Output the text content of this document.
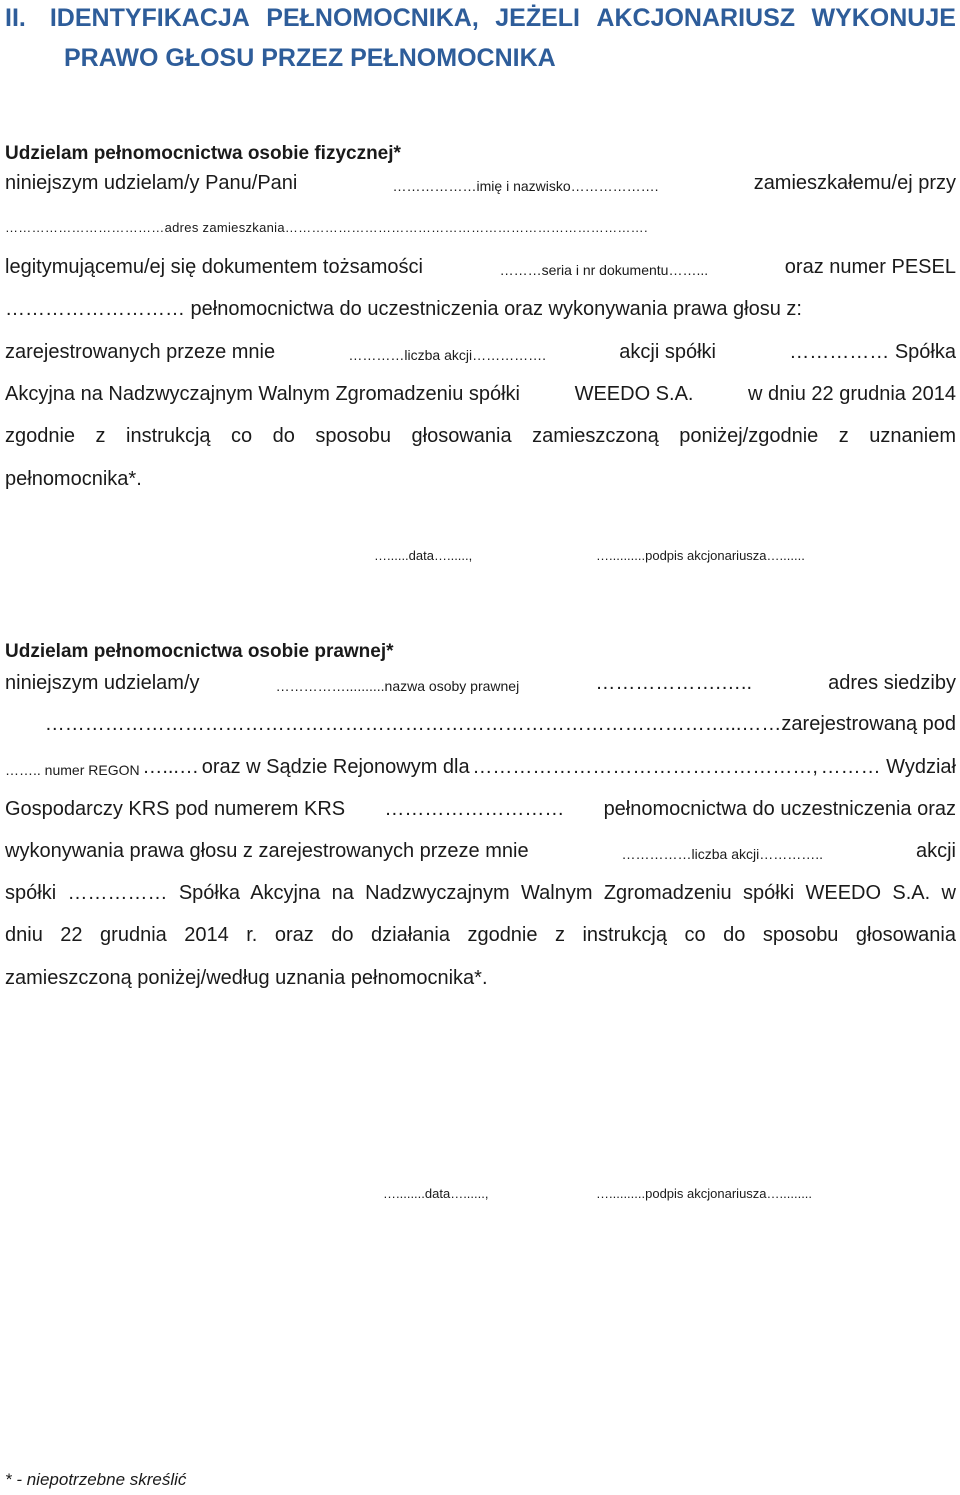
II. IDENTYFIKACJA PEŁNOMOCNIKA, JEŻELI AKCJONARIUSZ WYKONUJE
PRAWO GŁOSU PRZEZ PEŁNOMOCNIKA
Udzielam pełnomocnictwa osobie fizycznej*
niniejszym udzielam/y Panu/Pani	………………imię i nazwisko……………….	zamieszkałemu/ej przy
………………………………adres zamieszkania……………………………………………………………………….
legitymującemu/ej się dokumentem tożsamości	………seria i nr dokumentu……...	oraz numer PESEL
……………………… pełnomocnictwa do uczestniczenia oraz wykonywania prawa głosu z:
zarejestrowanych przeze mnie	…………liczba akcji…………….	akcji spółki	…………… Spółka
Akcyjna na Nadzwyczajnym Walnym Zgromadzeniu spółki	WEEDO S.A.	w dniu 22 grudnia 2014
zgodnie z instrukcją co do sposobu głosowania zamieszczoną poniżej/zgodnie z uznaniem
pełnomocnika*.
…......data…......,	…..........podpis akcjonariusza….......
Udzielam pełnomocnictwa osobie prawnej*
niniejszym udzielam/y	……………..........nazwa osoby prawnej	……………….…..	adres siedziby
…………………………………………………………………………………………...……zarejestrowaną pod
…….. numer REGON …...… oraz w Sądzie Rejonowym dla ……………………………………………, ……… Wydział
Gospodarczy KRS pod numerem KRS ……………………… pełnomocnictwa do uczestniczenia oraz
wykonywania prawa głosu z zarejestrowanych przeze mnie	……………liczba akcji…………..	akcji
spółki …………… Spółka Akcyjna na Nadzwyczajnym Walnym Zgromadzeniu spółki WEEDO S.A. w
dniu 22 grudnia 2014 r. oraz do działania zgodnie z instrukcją co do sposobu głosowania
zamieszczoną poniżej/według uznania pełnomocnika*.
…........data…......,	…..........podpis akcjonariusza….........
* - niepotrzebne skreślić
